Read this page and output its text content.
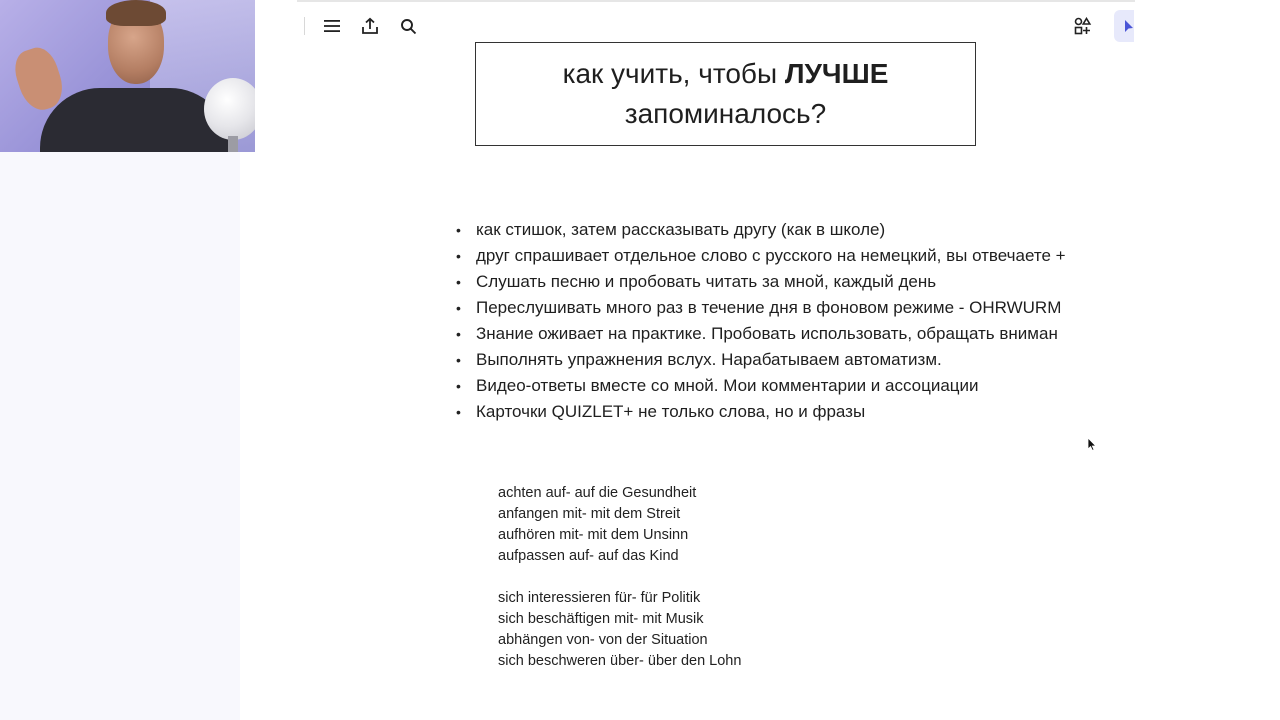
как учить, чтобы ЛУЧШЕ
запоминалось?
• как стишок, затем рассказывать другу (как в школе)
• друг спрашивает отдельное слово с русского на немецкий, вы отвечаете +
• Слушать песню и пробовать читать за мной, каждый день
• Переслушивать много раз в течение дня в фоновом режиме - OHRWURM
• Знание оживает на практике. Пробовать использовать, обращать вниман
• Выполнять упражнения вслух. Нарабатываем автоматизм.
• Видео-ответы вместе со мной. Мои комментарии и ассоциации
• Карточки QUIZLET+ не только слова, но и фразы
achten auf- auf die Gesundheit
anfangen mit- mit dem Streit
aufhören mit- mit dem Unsinn
aufpassen auf- auf das Kind
sich interessieren für- für Politik
sich beschäftigen mit- mit Musik
abhängen von- von der Situation
sich beschweren über- über den Lohn
